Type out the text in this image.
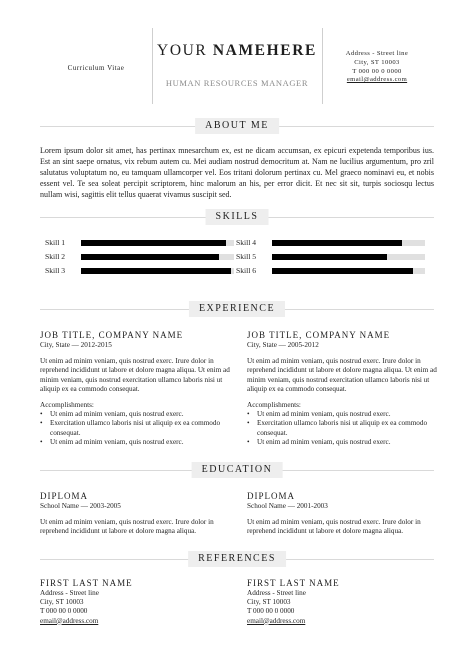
Curriculum Vitae
YOUR NAMEHERE
HUMAN RESOURCES MANAGER
Address - Street line
City, ST 10003
T 000 00 0 0000
email@address.com
ABOUT ME
Lorem ipsum dolor sit amet, has pertinax mnesarchum ex, est ne dicam accumsan, ex epicuri expetenda temporibus ius. Est an sint saepe ornatus, vix rebum autem cu. Mei audiam nostrud democritum at. Nam ne lucilius argumentum, pro zril salutatus voluptatum no, eu tamquam ullamcorper vel. Eos tritani dolorum pertinax cu. Mel graeco nominavi eu, et nobis essent vel. Te sea soleat percipit scriptorem, hinc malorum an his, per error dicit. Et nec sit sit, turpis sociosqu lectus nullam wisi, sagittis elit tellus quaerat vivamus suscipit sed.
SKILLS
Skill 1
Skill 2
Skill 3
Skill 4
Skill 5
Skill 6
EXPERIENCE
JOB TITLE, COMPANY NAME
City, State — 2012-2015
Ut enim ad minim veniam, quis nostrud exerc. Irure dolor in reprehend incididunt ut labore et dolore magna aliqua. Ut enim ad minim veniam, quis nostrud exercitation ullamco laboris nisi ut aliquip ex ea commodo consequat.
Accomplishments:
• Ut enim ad minim veniam, quis nostrud exerc.
• Exercitation ullamco laboris nisi ut aliquip ex ea commodo consequat.
• Ut enim ad minim veniam, quis nostrud exerc.
JOB TITLE, COMPANY NAME
City, State — 2005-2012
Ut enim ad minim veniam, quis nostrud exerc. Irure dolor in reprehend incididunt ut labore et dolore magna aliqua. Ut enim ad minim veniam, quis nostrud exercitation ullamco laboris nisi ut aliquip ex ea commodo consequat.
Accomplishments:
• Ut enim ad minim veniam, quis nostrud exerc.
• Exercitation ullamco laboris nisi ut aliquip ex ea commodo consequat.
• Ut enim ad minim veniam, quis nostrud exerc.
EDUCATION
DIPLOMA
School Name — 2003-2005
Ut enim ad minim veniam, quis nostrud exerc. Irure dolor in reprehend incididunt ut labore et dolore magna aliqua.
DIPLOMA
School Name — 2001-2003
Ut enim ad minim veniam, quis nostrud exerc. Irure dolor in reprehend incididunt ut labore et dolore magna aliqua.
REFERENCES
FIRST LAST NAME
Address - Street line
City, ST 10003
T 000 00 0 0000
email@address.com
FIRST LAST NAME
Address - Street line
City, ST 10003
T 000 00 0 0000
email@address.com
